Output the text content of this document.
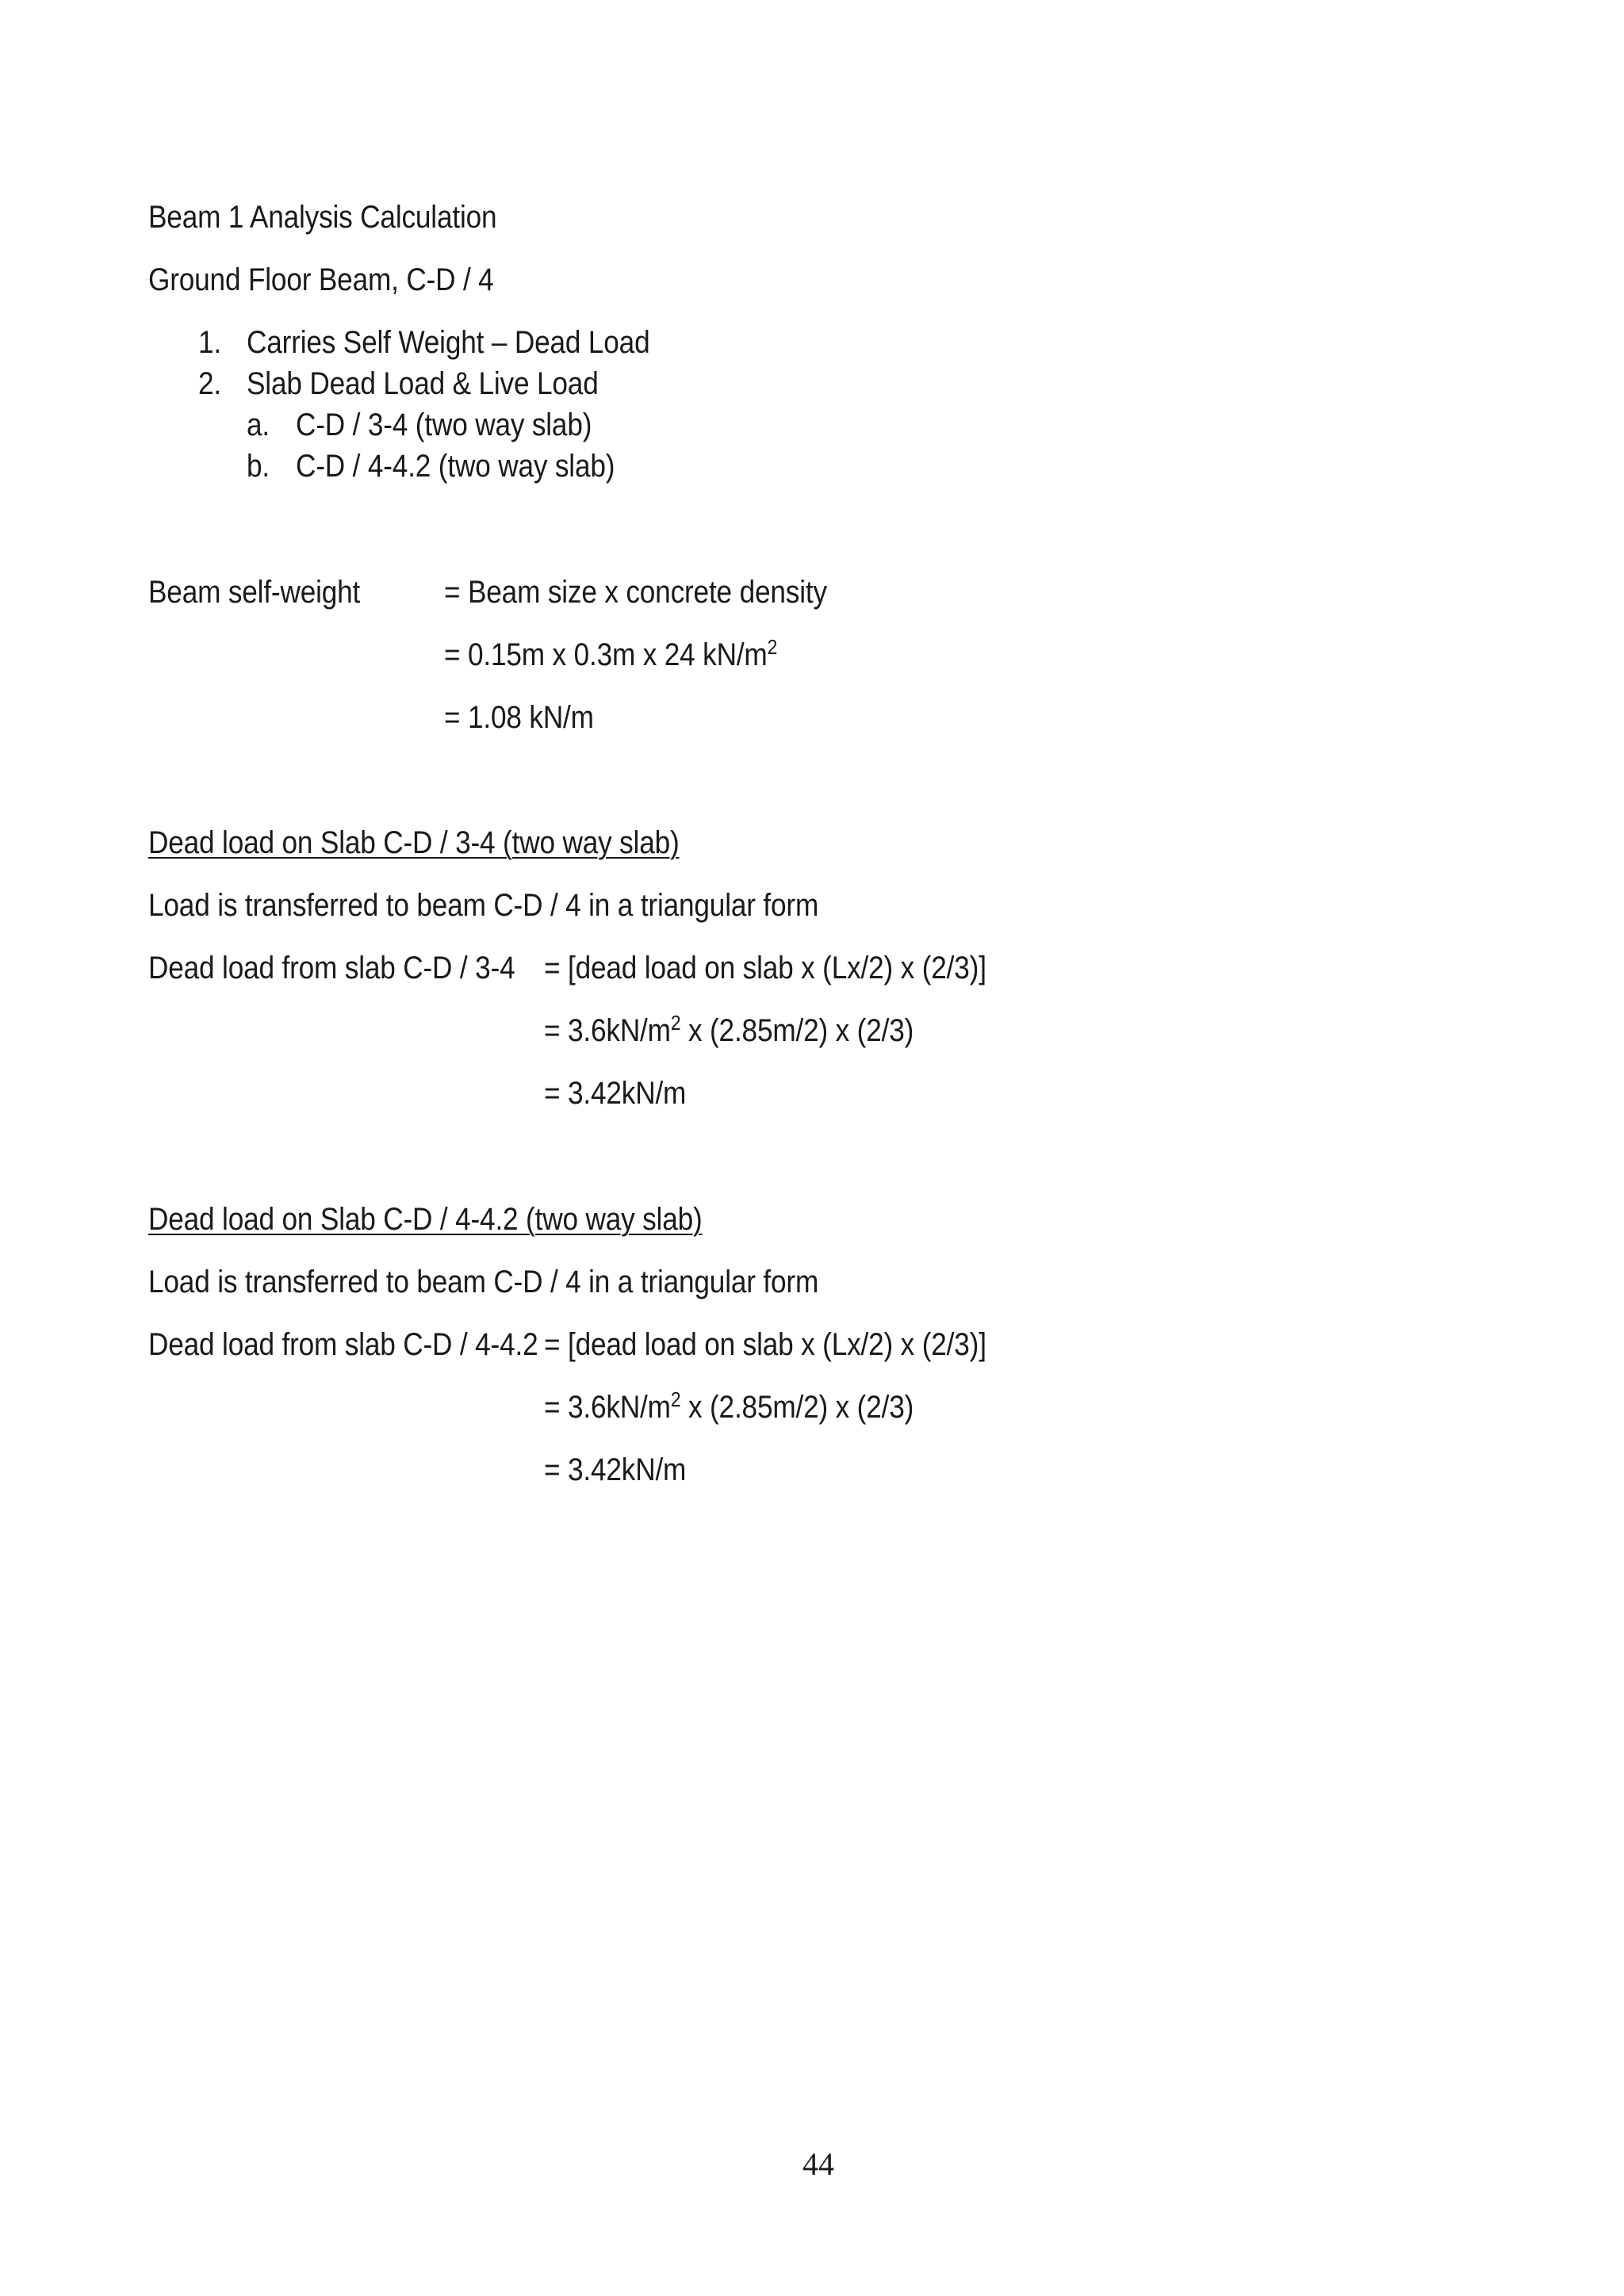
Beam 1 Analysis Calculation
Ground Floor Beam, C-D / 4
1. Carries Self Weight – Dead Load
2. Slab Dead Load & Live Load
a. C-D / 3-4 (two way slab)
b. C-D / 4-4.2 (two way slab)
Beam self-weight	= Beam size x concrete density
= 0.15m x 0.3m x 24 $kN/m^2$
= 1.08 kN/m
Dead load on Slab C-D / 3-4 (two way slab)
Load is transferred to beam C-D / 4 in a triangular form
Dead load from slab C-D / 3-4 = [dead load on slab x (Lx/2) x (2/3)]
= $3.6kN/m^2$ x (2.85m/2) x (2/3)
= 3.42kN/m
Dead load on Slab C-D / 4-4.2 (two way slab)
Load is transferred to beam C-D / 4 in a triangular form
Dead load from slab C-D / 4-4.2 = [dead load on slab x (Lx/2) x (2/3)]
= $3.6kN/m^2$ x (2.85m/2) x (2/3)
= 3.42kN/m
44
